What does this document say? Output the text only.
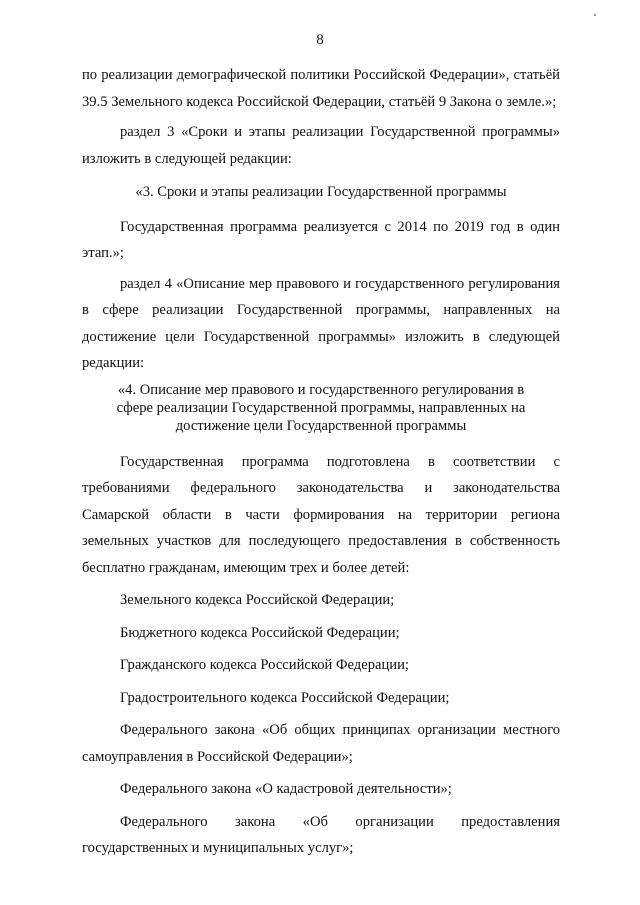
8

по реализации демографической политики Российской Федерации», статьёй 39.5 Земельного кодекса Российской Федерации, статьёй 9 Закона о земле.»;

раздел 3 «Сроки и этапы реализации Государственной программы» изложить в следующей редакции:

«3. Сроки и этапы реализации Государственной программы

Государственная программа реализуется с 2014 по 2019 год в один этап.»;

раздел 4 «Описание мер правового и государственного регулирования в сфере реализации Государственной программы, направленных на достижение цели Государственной программы» изложить в следующей редакции:

«4. Описание мер правового и государственного регулирования в
сфере реализации Государственной программы, направленных на
достижение цели Государственной программы

Государственная программа подготовлена в соответствии с требованиями федерального законодательства и законодательства Самарской области в части формирования на территории региона земельных участков для последующего предоставления в собственность бесплатно гражданам, имеющим трех и более детей:

Земельного кодекса Российской Федерации;

Бюджетного кодекса Российской Федерации;

Гражданского кодекса Российской Федерации;

Градостроительного кодекса Российской Федерации;

Федерального закона «Об общих принципах организации местного самоуправления в Российской Федерации»;

Федерального закона «О кадастровой деятельности»;

Федерального закона «Об организации предоставления государственных и муниципальных услуг»;
